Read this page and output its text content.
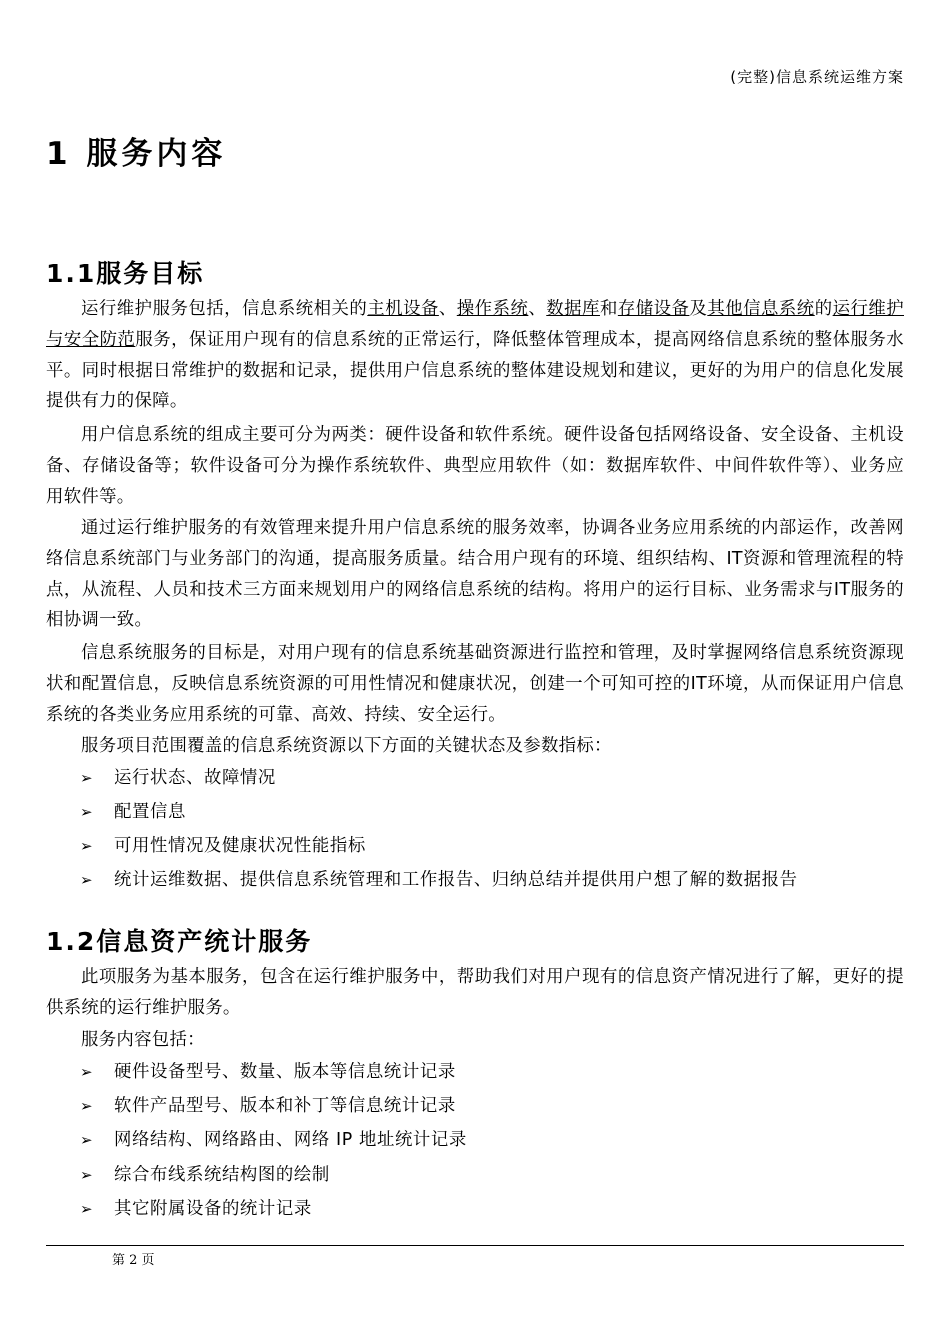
(完整)信息系统运维方案
1 服务内容
1.1服务目标
运行维护服务包括，信息系统相关的主机设备、操作系统、数据库和存储设备及其他信息系统的运行维护与安全防范服务，保证用户现有的信息系统的正常运行，降低整体管理成本，提高网络信息系统的整体服务水平。同时根据日常维护的数据和记录，提供用户信息系统的整体建设规划和建议，更好的为用户的信息化发展提供有力的保障。
用户信息系统的组成主要可分为两类：硬件设备和软件系统。硬件设备包括网络设备、安全设备、主机设备、存储设备等；软件设备可分为操作系统软件、典型应用软件（如：数据库软件、中间件软件等）、业务应用软件等。
通过运行维护服务的有效管理来提升用户信息系统的服务效率，协调各业务应用系统的内部运作，改善网络信息系统部门与业务部门的沟通，提高服务质量。结合用户现有的环境、组织结构、IT资源和管理流程的特点，从流程、人员和技术三方面来规划用户的网络信息系统的结构。将用户的运行目标、业务需求与IT服务的相协调一致。
信息系统服务的目标是，对用户现有的信息系统基础资源进行监控和管理，及时掌握网络信息系统资源现状和配置信息，反映信息系统资源的可用性情况和健康状况，创建一个可知可控的IT环境，从而保证用户信息系统的各类业务应用系统的可靠、高效、持续、安全运行。
服务项目范围覆盖的信息系统资源以下方面的关键状态及参数指标：
➢ 运行状态、故障情况
➢ 配置信息
➢ 可用性情况及健康状况性能指标
➢ 统计运维数据、提供信息系统管理和工作报告、归纳总结并提供用户想了解的数据报告
1.2信息资产统计服务
此项服务为基本服务，包含在运行维护服务中，帮助我们对用户现有的信息资产情况进行了解，更好的提供系统的运行维护服务。
服务内容包括：
➢ 硬件设备型号、数量、版本等信息统计记录
➢ 软件产品型号、版本和补丁等信息统计记录
➢ 网络结构、网络路由、网络 IP 地址统计记录
➢ 综合布线系统结构图的绘制
➢ 其它附属设备的统计记录
第 2 页
